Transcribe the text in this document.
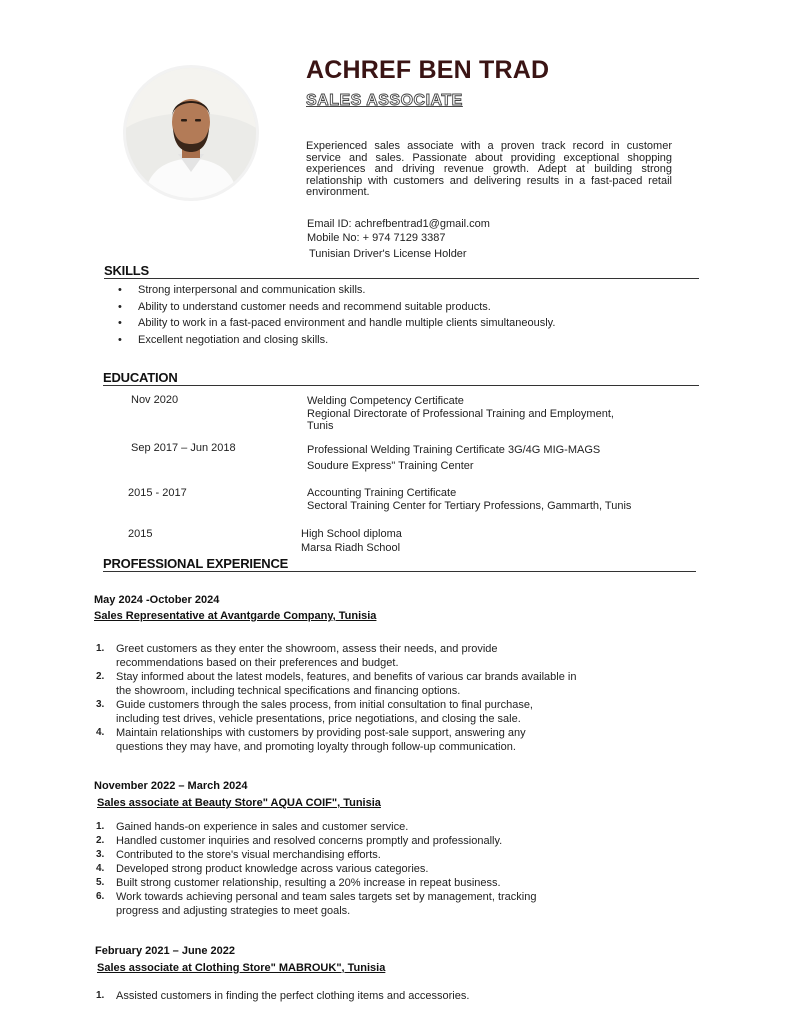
ACHREF BEN TRAD
SALES ASSOCIATE

Experienced sales associate with a proven track record in customer service and sales. Passionate about providing exceptional shopping experiences and driving revenue growth. Adept at building strong relationship with customers and delivering results in a fast-paced retail environment.

Email ID: achrefbentrad1@gmail.com
Mobile No: + 974 7129 3387
Tunisian Driver's License Holder
SKILLS
• Strong interpersonal and communication skills.
• Ability to understand customer needs and recommend suitable products.
• Ability to work in a fast-paced environment and handle multiple clients simultaneously.
• Excellent negotiation and closing skills.
EDUCATION
Nov 2020	Welding Competency Certificate
Regional Directorate of Professional Training and Employment,
Tunis
Sep 2017 – Jun 2018	Professional Welding Training Certificate 3G/4G MIG-MAGS
Soudure Express" Training Center
2015 - 2017	Accounting Training Certificate
Sectoral Training Center for Tertiary Professions, Gammarth, Tunis
2015	High School diploma
Marsa Riadh School
PROFESSIONAL EXPERIENCE
May 2024 -October 2024
Sales Representative at Avantgarde Company, Tunisia
1. Greet customers as they enter the showroom, assess their needs, and provide
recommendations based on their preferences and budget.
2. Stay informed about the latest models, features, and benefits of various car brands available in
the showroom, including technical specifications and financing options.
3. Guide customers through the sales process, from initial consultation to final purchase,
including test drives, vehicle presentations, price negotiations, and closing the sale.
4. Maintain relationships with customers by providing post-sale support, answering any
questions they may have, and promoting loyalty through follow-up communication.
November 2022 – March 2024
Sales associate at Beauty Store" AQUA COIF", Tunisia
1. Gained hands-on experience in sales and customer service.
2. Handled customer inquiries and resolved concerns promptly and professionally.
3. Contributed to the store's visual merchandising efforts.
4. Developed strong product knowledge across various categories.
5. Built strong customer relationship, resulting a 20% increase in repeat business.
6. Work towards achieving personal and team sales targets set by management, tracking
progress and adjusting strategies to meet goals.
February 2021 – June 2022
Sales associate at Clothing Store" MABROUK", Tunisia
1. Assisted customers in finding the perfect clothing items and accessories.
